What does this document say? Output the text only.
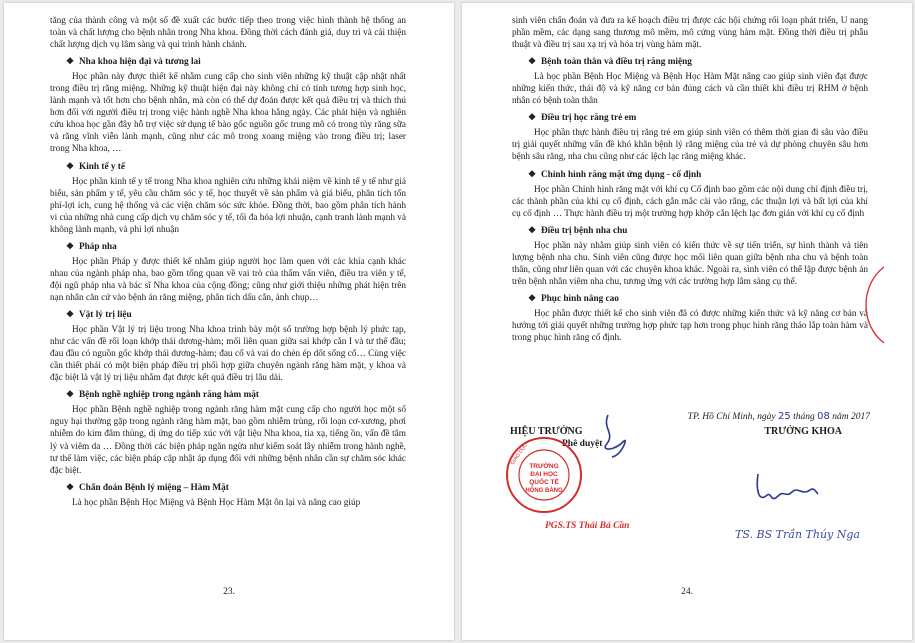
tăng của thành công và một số đề xuất các bước tiếp theo trong việc hình thành hệ thống an toàn và chất lượng cho bệnh nhân trong Nha khoa. Đồng thời cách đánh giá, duy trì và cải thiện chất lượng dịch vụ lâm sàng và qui trình hành chánh.

❖ Nha khoa hiện đại và tương lai

Học phần này được thiết kế nhằm cung cấp cho sinh viên những kỹ thuật cập nhật nhất trong điều trị răng miệng. Những kỹ thuật hiện đại này không chỉ có tính tương hợp sinh học, lành mạnh và tốt hơn cho bệnh nhân, mà còn có thể dự đoán được kết quả điều trị và thích thú hơn đối với người điều trị trong việc hành nghề Nha khoa hằng ngày. Các phát hiện và nghiên cứu khoa học gần đây hỗ trợ việc sử dụng tế bào gốc nguồn gốc trung mô có trong tủy răng sữa và răng vĩnh viễn lành mạnh, cũng như các mô trong xoang miệng vào trong điều trị; laser trong Nha khoa, …

❖ Kinh tế y tế

Học phần kinh tế y tế trong Nha khoa nghiên cứu những khái niệm về kinh tế y tế như giá biểu, sản phẩm y tế, yêu cầu chăm sóc y tế, học thuyết về sản phẩm và giá biểu, phân tích tổn phí-lợi ích, cung hệ thống và các viện chăm sóc sức khỏe. Đồng thời, bao gồm phân tích hành vi của những nhà cung cấp dịch vụ chăm sóc y tế, tối đa hóa lợi nhuận, cạnh tranh lành mạnh và không lành mạnh, và phi lợi nhuận

❖ Pháp nha

Học phần Pháp y được thiết kế nhằm giúp người học làm quen với các khía cạnh khác nhau của ngành pháp nha, bao gồm tổng quan về vai trò của thẩm vấn viên, điều tra viên y tế, đội ngũ pháp nha và bác sĩ Nha khoa của cộng đồng; cũng như giới thiệu những phát hiện trên nạn nhân căn cứ vào bệnh án răng miệng, phân tích dấu cắn, ảnh chụp…

❖ Vật lý trị liệu

Học phần Vật lý trị liệu trong Nha khoa trình bày một số trường hợp bệnh lý phức tạp, như các vấn đề rối loạn khớp thái dương-hàm; mối liên quan giữa sai khớp cắn I và tư thế đầu; đau đầu có nguồn gốc khớp thái dương-hàm; đau cổ và vai do chèn ép dốt sống cổ… Cùng việc cần thiết phải có một biện pháp điều trị phối hợp giữa chuyên ngành răng hàm mặt, y khoa và đặc biệt là vật lý trị liệu nhằm đạt được kết quả điều trị lâu dài.

❖ Bệnh nghề nghiệp trong ngành răng hàm mặt

Học phần Bệnh nghề nghiệp trong ngành răng hàm mặt cung cấp cho người học một số nguy hại thường gặp trong ngành răng hàm mặt, bao gồm nhiễm trùng, rối loạn cơ-xương, phơi nhiễm do kim đâm thủng, dị ứng do tiếp xúc với vật liệu Nha khoa, tia xạ, tiếng ồn, vấn đề tâm lý và viêm da … Đồng thời các biện pháp ngăn ngừa như kiểm soát lây nhiễm trong hành nghề, tư thế làm việc, các biện pháp cập nhật áp dụng đối với những bệnh nhân cần sự chăm sóc khác đặc biệt.

❖ Chẩn đoán Bệnh lý miệng – Hàm Mặt

Là học phần Bệnh Học Miệng và Bệnh Học Hàm Mặt ôn lại và nâng cao giúp

23.

sinh viên chẩn đoán và đưa ra kế hoạch điều trị được các hội chứng rối loạn phát triển, U nang phần mềm, các dạng sang thương mô mềm, mô cứng vùng hàm mặt. Đồng thời điều trị phẫu thuật và điều trị sau xạ trị và hóa trị vùng hàm mặt.

❖ Bệnh toàn thân và điều trị răng miệng

Là học phần Bệnh Học Miệng và Bệnh Học Hàm Mặt nâng cao giúp sinh viên đạt được những kiến thức, thái độ và kỹ năng cơ bản đúng cách và cần thiết khi điều trị RHM ở bệnh nhân có bệnh toàn thân

❖ Điều trị học răng trẻ em

Học phần thực hành điều trị răng trẻ em giúp sinh viên có thêm thời gian đi sâu vào điều trị giải quyết những vấn đề khó khăn bệnh lý răng miệng của trẻ và dự phòng chuyên sâu hơn bệnh sâu răng, nha chu cũng như các lệch lạc răng miệng khác.

❖ Chỉnh hình răng mặt ứng dụng - cố định

Học phần Chỉnh hình răng mặt với khí cụ Cố định bao gồm các nội dung chỉ định điều trị, các thành phần của khí cụ cố định, cách gắn mắc cài vào răng, các thuận lợi và bất lợi của khí cụ cố định … Thực hành điều trị một trường hợp khớp cắn lệch lạc đơn giản với khí cụ cố định

❖ Điều trị bệnh nha chu

Học phần này nhằm giúp sinh viên có kiến thức về sự tiến triển, sự hình thành và tiên lượng bệnh nha chu. Sinh viên cũng được học mối liên quan giữa bệnh nha chu và bệnh toàn thân, cũng như liên quan với các chuyên khoa khác. Ngoài ra, sinh viên có thể lập được bệnh án trên bệnh nhân viêm nha chu, tương ứng với các trường hợp lâm sàng cụ thể.

❖ Phục hình nâng cao

Học phần được thiết kế cho sinh viên đã có được những kiến thức và kỹ năng cơ bản và hướng tới giải quyết những trường hợp phức tạp hơn trong phục hình răng tháo lắp toàn hàm và trong phục hình răng cố định.

TP. Hồ Chí Minh, ngày 25 tháng 08 năm 2017
HIỆU TRƯỞNG
Phê duyệt
TRƯỞNG KHOA
TRƯỜNG
ĐẠI HỌC
QUỐC TẾ
HỒNG BÀNG
GIÁO DỤC
PGS.TS Thái Bá Cần
TS. BS Trần Thúy Nga
24.
